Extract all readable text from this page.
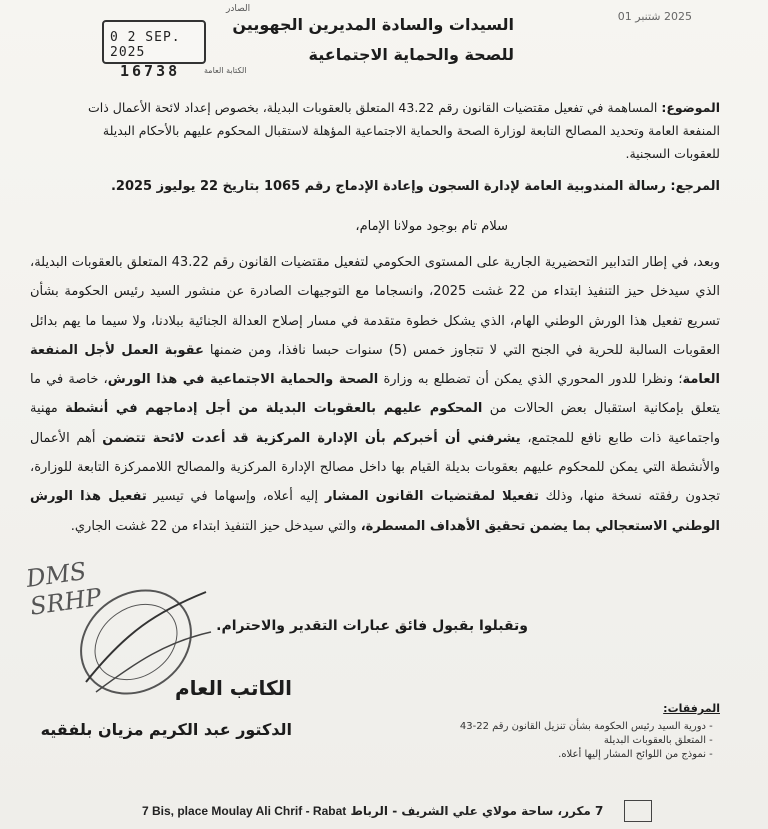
الصادر
0 2 SEP. 2025
16738	الكتابة العامة
2025 شتنبر 01
السيدات والسادة المديرين الجهويين
للصحة والحماية الاجتماعية
الموضوع: المساهمة في تفعيل مقتضيات القانون رقم 43.22 المتعلق بالعقوبات البديلة، بخصوص إعداد لائحة الأعمال ذات المنفعة العامة وتحديد المصالح التابعة لوزارة الصحة والحماية الاجتماعية المؤهلة لاستقبال المحكوم عليهم بالأحكام البديلة للعقوبات السجنية.
المرجع: رسالة المندوبية العامة لإدارة السجون وإعادة الإدماج رقم 1065 بتاريخ 22 يوليوز 2025.
سلام تام بوجود مولانا الإمام،
وبعد، في إطار التدابير التحضيرية الجارية على المستوى الحكومي لتفعيل مقتضيات القانون رقم 43.22 المتعلق بالعقوبات البديلة، الذي سيدخل حيز التنفيذ ابتداء من 22 غشت 2025، وانسجاما مع التوجيهات الصادرة عن منشور السيد رئيس الحكومة بشأن تسريع تفعيل هذا الورش الوطني الهام، الذي يشكل خطوة متقدمة في مسار إصلاح العدالة الجنائية ببلادنا، ولا سيما ما يهم بدائل العقوبات السالبة للحرية في الجنح التي لا تتجاوز خمس (5) سنوات حبسا نافذا، ومن ضمنها عقوبة العمل لأجل المنفعة العامة؛ ونظرا للدور المحوري الذي يمكن أن تضطلع به وزارة الصحة والحماية الاجتماعية في هذا الورش، خاصة في ما يتعلق بإمكانية استقبال بعض الحالات من المحكوم عليهم بالعقوبات البديلة من أجل إدماجهم في أنشطة مهنية واجتماعية ذات طابع نافع للمجتمع، يشرفني أن أخبركم بأن الإدارة المركزية قد أعدت لائحة تتضمن أهم الأعمال والأنشطة التي يمكن للمحكوم عليهم بعقوبات بديلة القيام بها داخل مصالح الإدارة المركزية والمصالح اللاممركزة التابعة للوزارة، تجدون رفقته نسخة منها، وذلك تفعيلا لمقتضيات القانون المشار إليه أعلاه، وإسهاما في تيسير تفعيل هذا الورش الوطني الاستعجالي بما يضمن تحقيق الأهداف المسطرة، والتي سيدخل حيز التنفيذ ابتداء من 22 غشت الجاري.
وتقبلوا بقبول فائق عبارات التقدير والاحترام.
DMS
SRHP
الكاتب العام
الدكتور عبد الكريم مزيان بلفقيه
المرفقات:
- دورية السيد رئيس الحكومة بشأن تنزيل القانون رقم 22-43
- المتعلق بالعقوبات البديلة
- نموذج من اللوائح المشار إليها أعلاه.
7 Bis, place Moulay Ali Chrif - Rabat 7 مكرر، ساحة مولاي علي الشريف - الرباط
